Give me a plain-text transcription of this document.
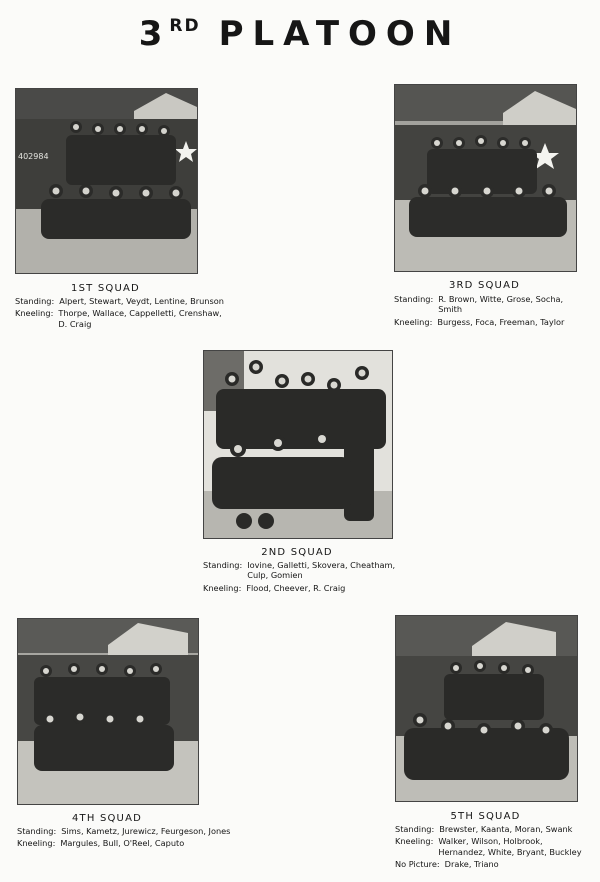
3RD PLATOON
402984
1ST SQUAD
Standing: Alpert, Stewart, Veydt, Lentine, Brunson
Kneeling: Thorpe, Wallace, Cappelletti, Crenshaw, D. Craig
3RD SQUAD
Standing: R. Brown, Witte, Grose, Socha, Smith
Kneeling: Burgess, Foca, Freeman, Taylor
2ND SQUAD
Standing: Iovine, Galletti, Skovera, Cheatham, Culp, Gomien
Kneeling: Flood, Cheever, R. Craig
4TH SQUAD
Standing: Sims, Kametz, Jurewicz, Feurgeson, Jones
Kneeling: Margules, Bull, O'Reel, Caputo
5TH SQUAD
Standing: Brewster, Kaanta, Moran, Swank
Kneeling: Walker, Wilson, Holbrook, Hernandez, White, Bryant, Buckley
No Picture: Drake, Triano
